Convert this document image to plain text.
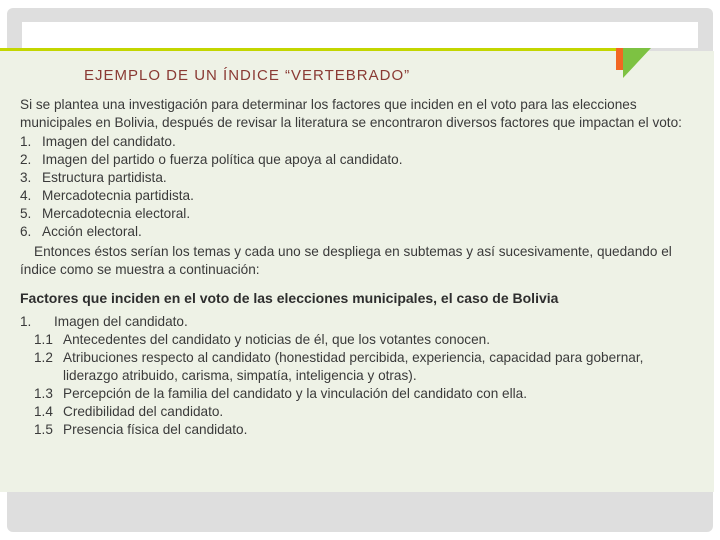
EJEMPLO DE UN ÍNDICE “VERTEBRADO”

Si se plantea una investigación para determinar los factores que inciden en el voto para las elecciones municipales en Bolivia, después de revisar la literatura se encontraron diversos factores que impactan el voto:

1. Imagen del candidato.
2. Imagen del partido o fuerza política que apoya al candidato.
3. Estructura partidista.
4. Mercadotecnia partidista.
5. Mercadotecnia electoral.
6. Acción electoral.

Entonces éstos serían los temas y cada uno se despliega en subtemas y así sucesivamente, quedando el índice como se muestra a continuación:

Factores que inciden en el voto de las elecciones municipales, el caso de Bolivia

1.	Imagen del candidato.
1.1 Antecedentes del candidato y noticias de él, que los votantes conocen.
1.2 Atribuciones respecto al candidato (honestidad percibida, experiencia, capacidad para gobernar, liderazgo atribuido, carisma, simpatía, inteligencia y otras).
1.3 Percepción de la familia del candidato y la vinculación del candidato con ella.
1.4 Credibilidad del candidato.
1.5 Presencia física del candidato.
